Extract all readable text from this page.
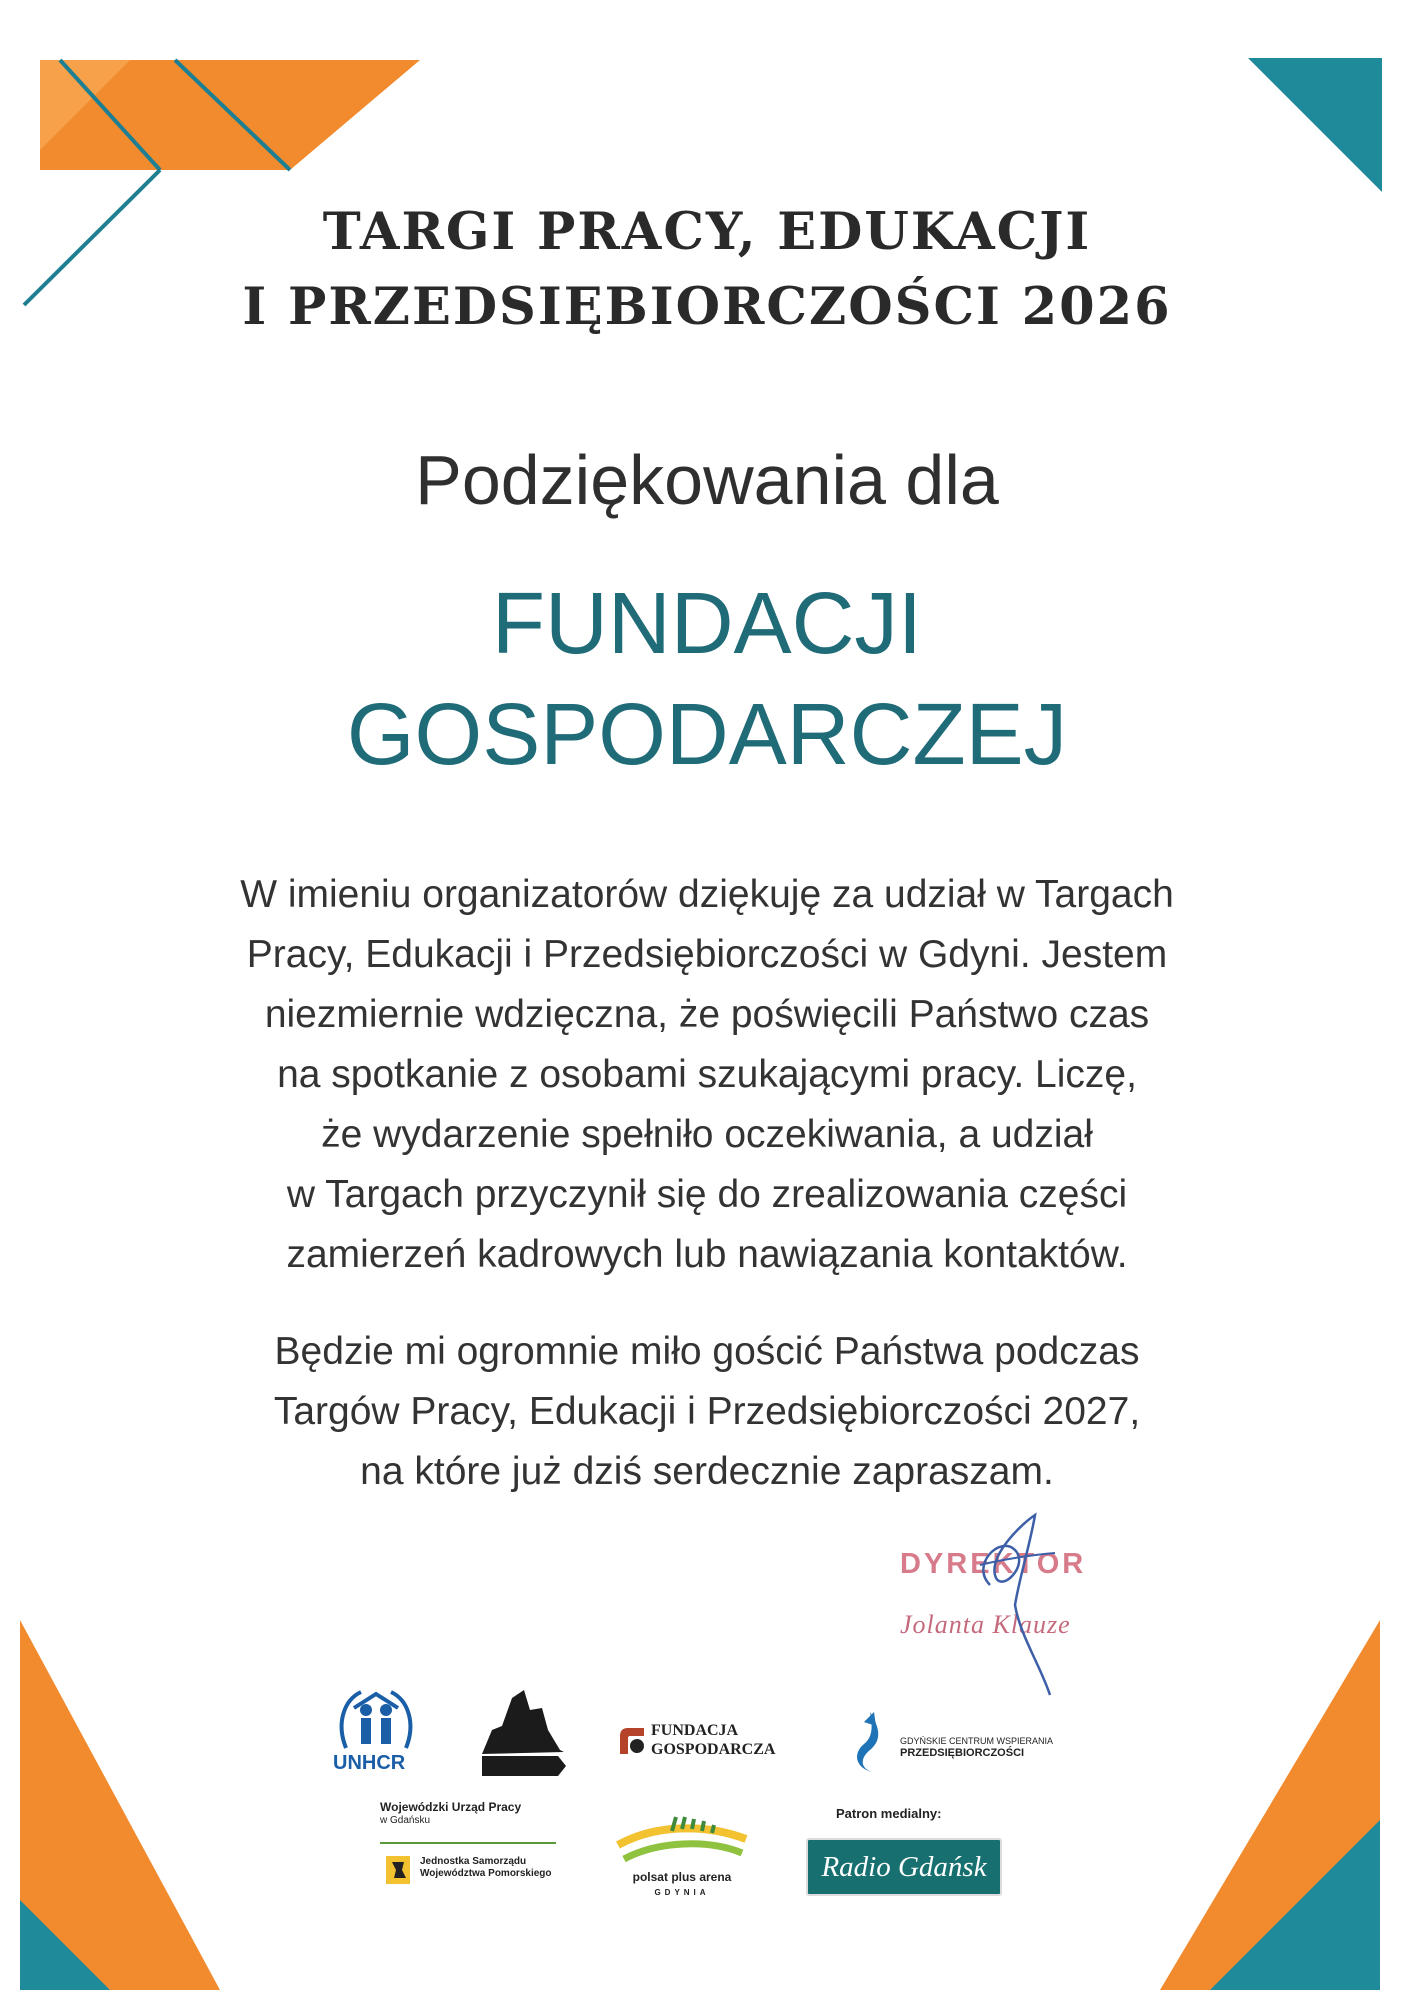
TARGI PRACY, EDUKACJI
I PRZEDSIĘBIORCZOŚCI 2026
Podziękowania dla
FUNDACJI
GOSPODARCZEJ
W imieniu organizatorów dziękuję za udział w Targach
Pracy, Edukacji i Przedsiębiorczości w Gdyni. Jestem
niezmiernie wdzięczna, że poświęcili Państwo czas
na spotkanie z osobami szukającymi pracy. Liczę,
że wydarzenie spełniło oczekiwania, a udział
w Targach przyczynił się do zrealizowania części
zamierzeń kadrowych lub nawiązania kontaktów.
Będzie mi ogromnie miło gościć Państwa podczas
Targów Pracy, Edukacji i Przedsiębiorczości 2027,
na które już dziś serdecznie zapraszam.
DYREKTOR
Jolanta Klauze
UNHCR
FUNDACJA
GOSPODARCZA	GDYŃSKIE CENTRUM WSPIERANIA
PRZEDSIĘBIORCZOŚCI
Wojewódzki Urząd Pracy
w Gdańsku
Jednostka Samorządu
Województwa Pomorskiego	polsat plus arena
GDYNIA
Patron medialny:
Radio Gdańsk
